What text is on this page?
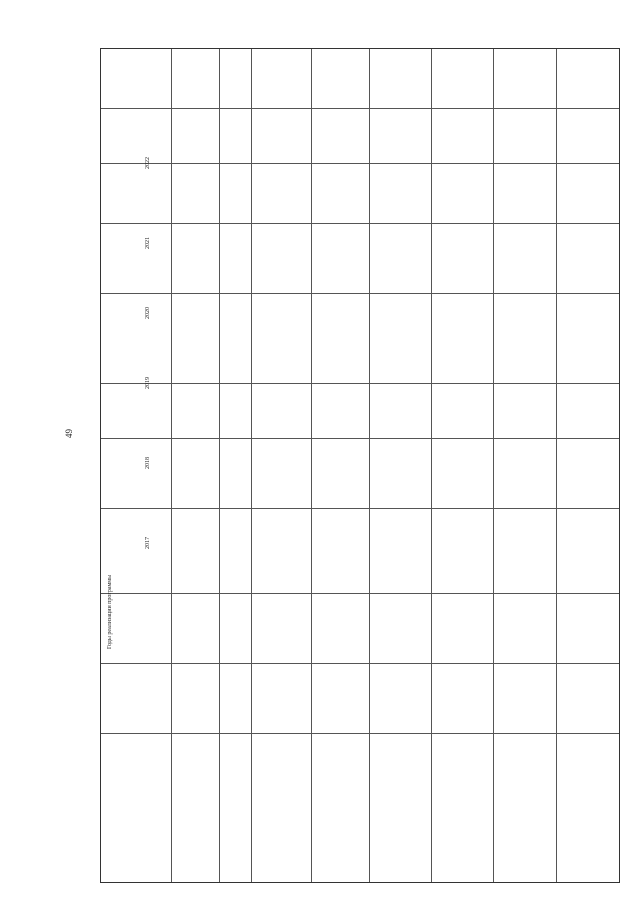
49
Годы реализации программы
2022
2021
2020
2019
2018
2017
